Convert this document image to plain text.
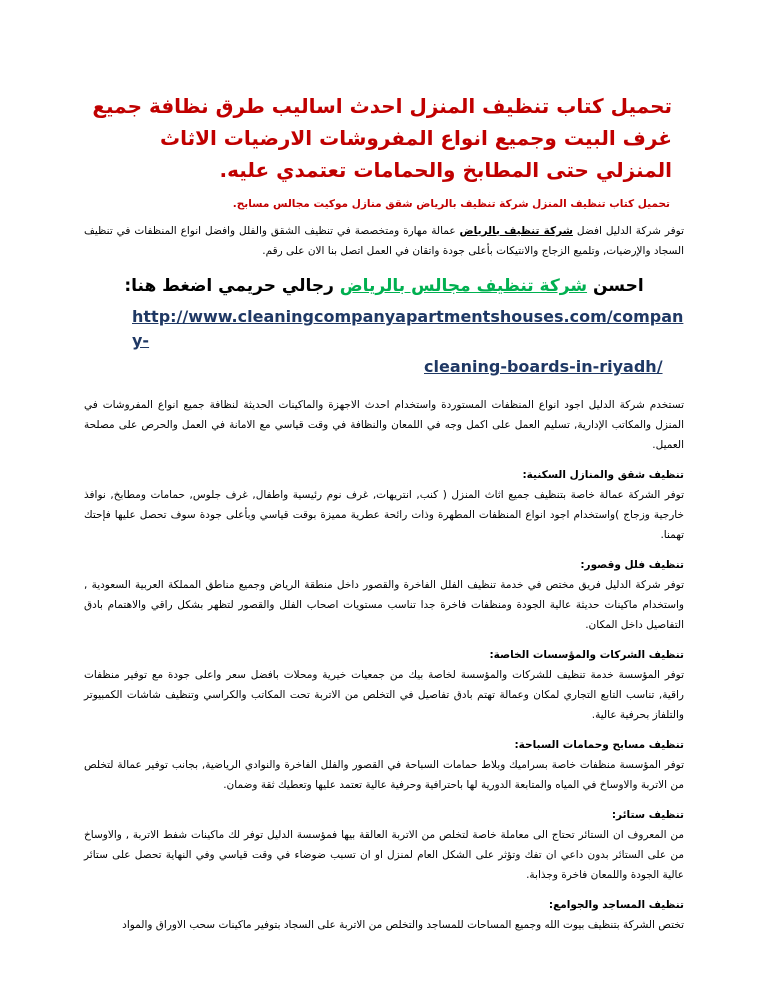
تحميل كتاب تنظيف المنزل احدث اساليب طرق نظافة جميع غرف البيت وجميع انواع المفروشات الارضيات الاثاث المنزلي حتى المطابخ والحمامات تعتمدي عليه.
تحميل كتاب تنظيف المنزل شركة تنظيف بالرياض شقق منازل موكيت مجالس مسابح.

توفر شركة الدليل افضل شركة تنظيف بالرياض عمالة مهارة ومتخصصة في تنظيف الشقق والفلل وافضل انواع المنظفات في تنظيف السجاد والإرضيات, وتلميع الزجاج والانتيكات بأعلى جودة واتقان في العمل اتصل بنا الان على رقم.

احسن شركة تنظيف مجالس بالرياض رجالي حريمي اضغط هنا:
http://www.cleaningcompanyapartmentshouses.com/company-
cleaning-boards-in-riyadh/

تستخدم شركة الدليل اجود انواع المنظفات المستوردة واستخدام احدث الاجهزة والماكينات الحديثة لنظافة جميع انواع المفروشات في المنزل والمكاتب الإدارية, تسليم العمل على اكمل وجه في اللمعان والنظافة في وقت قياسي مع الامانة في العمل والحرص على مصلحة العميل.

تنظيف شقق والمنازل السكنية:

توفر الشركة عمالة خاصة بتنظيف جميع اثاث المنزل ( كنب, انتريهات, غرف نوم رئيسية واطفال, غرف جلوس, حمامات ومطابخ, نوافذ خارجية وزجاج )واستخدام اجود انواع المنظفات المطهرة وذات رائحة عطرية مميزة بوقت قياسي وبأعلى جودة سوف تحصل عليها فإحتك تهمنا.

تنظيف فلل وقصور:

توفر شركة الدليل فريق مختص في خدمة تنظيف الفلل الفاخرة والقصور داخل منطقة الرياض وجميع مناطق المملكة العربية السعودية , واستخدام ماكينات حديثة عالية الجودة ومنظفات فاخرة جدا تناسب مستويات اصحاب الفلل والقصور لتظهر بشكل راقي والاهتمام بادق التفاصيل داخل المكان.

تنظيف الشركات والمؤسسات الخاصة:

توفر المؤسسة خدمة تنظيف للشركات والمؤسسة لخاصة بيك من جمعيات خيرية ومحلات بافضل سعر واعلى جودة مع توفير منظفات راقية, تناسب التابع التجاري لمكان وعمالة تهتم بادق تفاصيل في التخلص من الاتربة تحت المكاتب والكراسي وتنظيف شاشات الكمبيوتر والتلفاز بحرفية عالية.

تنظيف مسابح وحمامات السباحة:

توفر المؤسسة منظفات خاصة بسراميك وبلاط حمامات السباحة في القصور والفلل الفاخرة والنوادي الرياضية, بجانب توفير عمالة لتخلص من الاتربة والاوساخ في المياه والمتابعة الدورية لها باحترافية وحرفية عالية تعتمد عليها وتعطيك ثقة وضمان.

تنظيف ستائر:

من المعروف ان الستائر تحتاج الى معاملة خاصة لتخلص من الاتربة العالقة بيها فمؤسسة الدليل توفر لك ماكينات شفط الاتربة , والاوساخ من على الستائر بدون داعي ان تفك وتؤثر على الشكل العام لمنزل او ان تسبب ضوضاء في وقت قياسي وفي النهاية تحصل على ستائر عالية الجودة واللمعان فاخرة وجذابة.

تنظيف المساجد والجوامع:

تختص الشركة بتنظيف بيوت الله وجميع المساحات للمساجد والتخلص من الاتربة على السجاد بتوفير ماكينات سحب الاوراق والمواد
